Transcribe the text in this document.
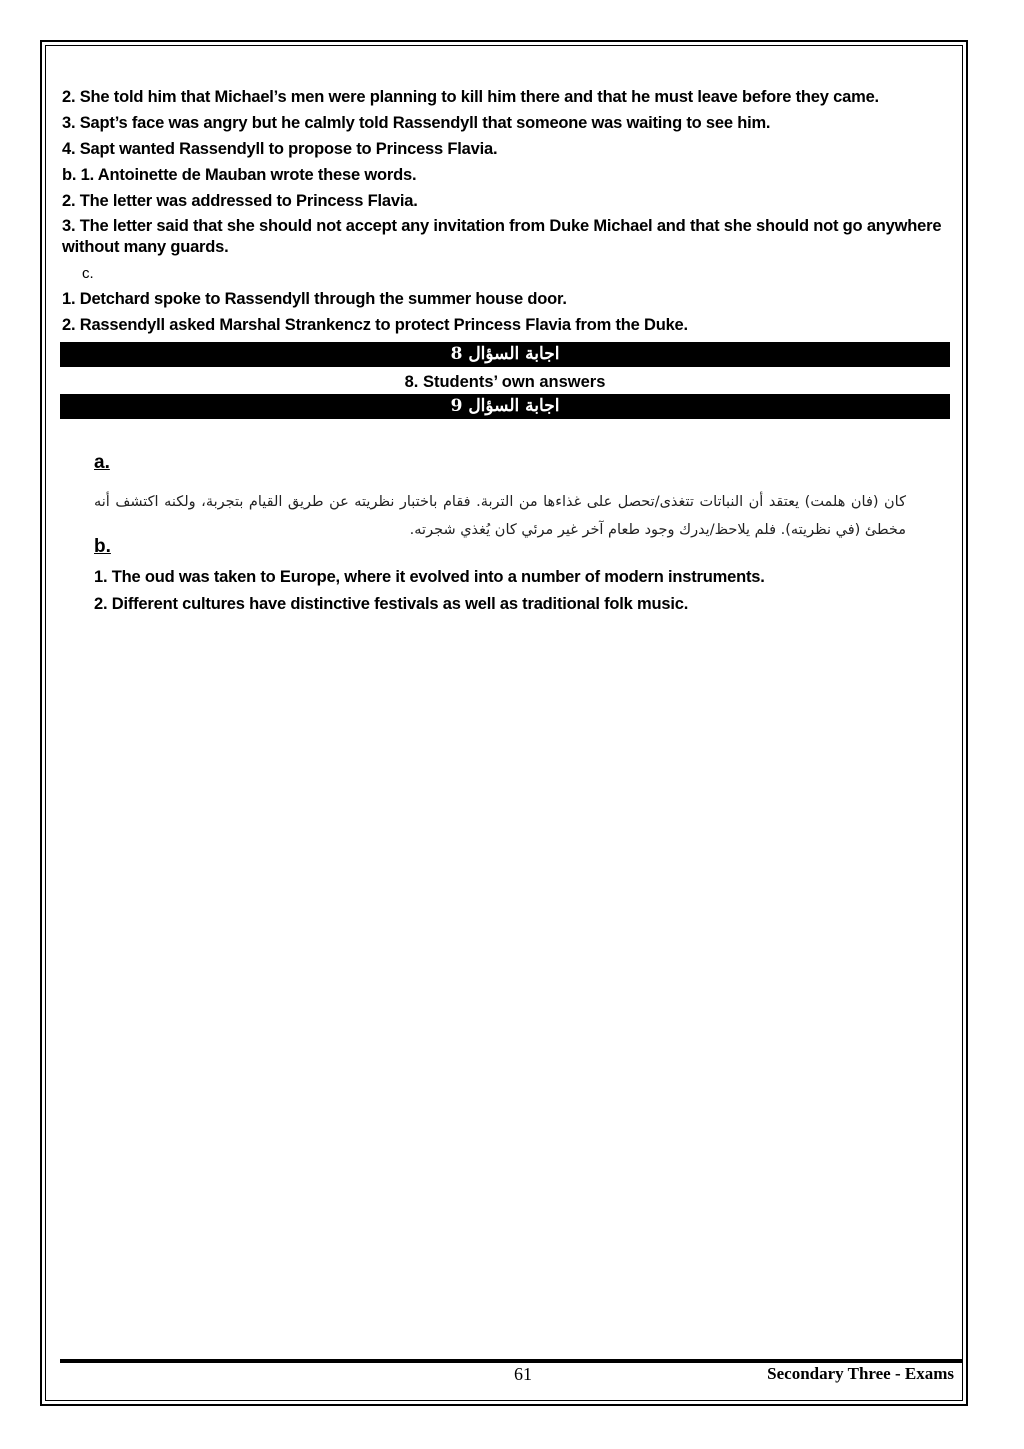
2. She told him that Michael’s men were planning to kill him there and that he must leave before they came.

3. Sapt’s face was angry but he calmly told Rassendyll that someone was waiting to see him.

4. Sapt wanted Rassendyll to propose to Princess Flavia.

b. 1. Antoinette de Mauban wrote these words.

2. The letter was addressed to Princess Flavia.

3. The letter said that she should not accept any invitation from Duke Michael and that she should not go anywhere without many guards.

c.

1. Detchard spoke to Rassendyll through the summer house door.

2. Rassendyll asked Marshal Strankencz to protect Princess Flavia from the Duke.

اجابة السؤال 8
8. Students’ own answers
اجابة السؤال 9
a.
كان (فان هلمت) يعتقد أن النباتات تتغذى/تحصل على غذاءها من التربة. فقام باختبار نظريته عن طريق القيام بتجربة، ولكنه اكتشف أنه مخطئ (في نظريته). فلم يلاحظ/يدرك وجود طعام آخر غير مرئي كان يُغذي شجرته.
b.

1. The oud was taken to Europe, where it evolved into a number of modern instruments.

2. Different cultures have distinctive festivals as well as traditional folk music.

61	Secondary Three - Exams
